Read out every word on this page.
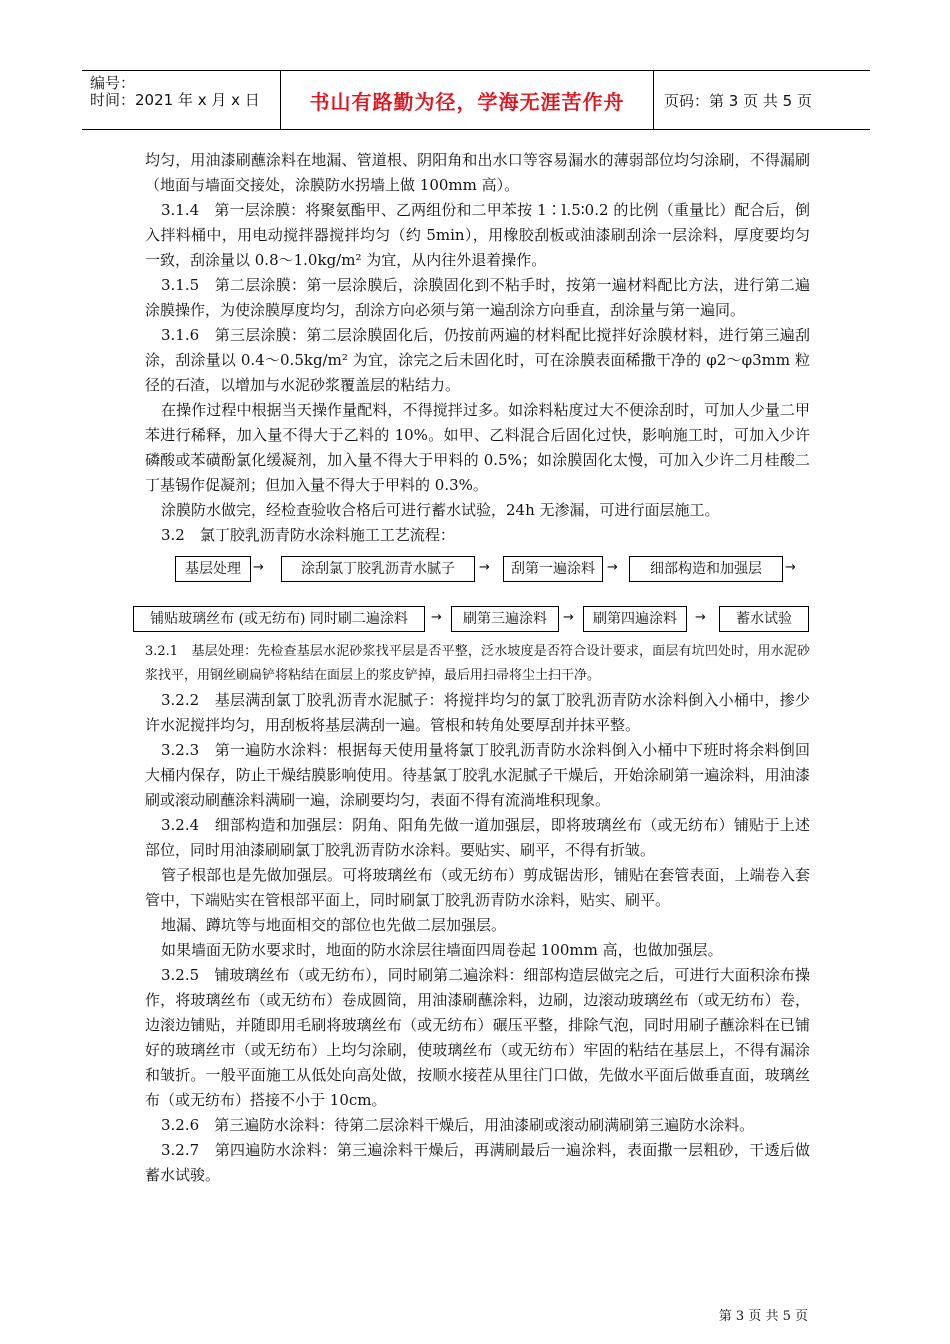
编号：
时间：2021 年 x 月 x 日 书山有路勤为径，学海无涯苦作舟	页码：第 3 页 共 5 页

均匀，用油漆刷蘸涂料在地漏、管道根、阴阳角和出水口等容易漏水的薄弱部位均匀涂刷，不得漏刷（地面与墙面交接处，涂膜防水拐墙上做 100mm 高）。

3.1.4　第一层涂膜：将聚氨酯甲、乙两组份和二甲苯按 1∶l.5∶0.2 的比例（重量比）配合后，倒入拌料桶中，用电动搅拌器搅拌均匀（约 5min），用橡胶刮板或油漆刷刮涂一层涂料，厚度要均匀一致，刮涂量以 0.8～1.0kg/m² 为宜，从内往外退着操作。

3.1.5　第二层涂膜：第一层涂膜后，涂膜固化到不粘手时，按第一遍材料配比方法，进行第二遍涂膜操作，为使涂膜厚度均匀，刮涂方向必须与第一遍刮涂方向垂直，刮涂量与第一遍同。

3.1.6　第三层涂膜：第二层涂膜固化后，仍按前两遍的材料配比搅拌好涂膜材料，进行第三遍刮涂，刮涂量以 0.4～0.5kg/m² 为宜，涂完之后未固化时，可在涂膜表面稀撒干净的 φ2～φ3mm 粒径的石渣，以增加与水泥砂浆覆盖层的粘结力。

在操作过程中根据当天操作量配料，不得搅拌过多。如涂料粘度过大不便涂刮时，可加人少量二甲苯进行稀释，加入量不得大于乙料的 10%。如甲、乙料混合后固化过快，影响施工时，可加入少许磷酸或苯磺酚氯化缓凝剂，加入量不得大于甲料的 0.5%；如涂膜固化太慢，可加入少许二月桂酸二丁基锡作促凝剂；但加入量不得大于甲料的 0.3%。

涂膜防水做完，经检查验收合格后可进行蓄水试验，24h 无渗漏，可进行面层施工。

3.2　氯丁胶乳沥青防水涂料施工工艺流程：

基层处理 →	涂刮氯丁胶乳沥青水腻子	→	刮第一遍涂料 →	细部构造和加强层	→
铺贴玻璃丝布 (或无纺布) 同时刷二遍涂料	→	刷第三遍涂料	→	刷第四遍涂料	→	蓄水试验

3.2.1　基层处理：先检查基层水泥砂浆找平层是否平整，泛水坡度是否符合设计要求，面层有坑凹处时，用水泥砂浆找平，用钢丝刷扁铲将粘结在面层上的浆皮铲掉，最后用扫帚将尘土扫干净。

3.2.2　基层满刮氯丁胶乳沥青水泥腻子：将搅拌均匀的氯丁胶乳沥青防水涂料倒入小桶中，掺少许水泥搅拌均匀，用刮板将基层满刮一遍。管根和转角处要厚刮并抹平整。

3.2.3　第一遍防水涂料：根据每天使用量将氯丁胶乳沥青防水涂料倒入小桶中下班时将余料倒回大桶内保存，防止干燥结膜影响使用。待基氯丁胶乳水泥腻子干燥后，开始涂刷第一遍涂料，用油漆刷或滚动刷蘸涂料满刷一遍，涂刷要均匀，表面不得有流淌堆积现象。

3.2.4　细部构造和加强层：阴角、阳角先做一道加强层，即将玻璃丝布（或无纺布）铺贴于上述部位，同时用油漆刷刷氯丁胶乳沥青防水涂料。要贴实、刷平，不得有折皱。

管子根部也是先做加强层。可将玻璃丝布（或无纺布）剪成锯齿形，铺贴在套管表面，上端卷入套管中，下端贴实在管根部平面上，同时刷氯丁胶乳沥青防水涂料，贴实、刷平。

地漏、蹲坑等与地面相交的部位也先做二层加强层。

如果墙面无防水要求时，地面的防水涂层往墙面四周卷起 100mm 高，也做加强层。

3.2.5　铺玻璃丝布（或无纺布），同时刷第二遍涂料：细部构造层做完之后，可进行大面积涂布操作，将玻璃丝布（或无纺布）卷成圆筒，用油漆刷蘸涂料，边刷，边滚动玻璃丝布（或无纺布）卷，边滚边铺贴，并随即用毛刷将玻璃丝布（或无纺布）碾压平整，排除气泡，同时用刷子蘸涂料在已铺好的玻璃丝市（或无纺布）上均匀涂刷，使玻璃丝布（或无纺布）牢固的粘结在基层上，不得有漏涂和皱折。一般平面施工从低处向高处做，按顺水接茬从里往门口做，先做水平面后做垂直面，玻璃丝布（或无纺布）搭接不小于 10cm。

3.2.6　第三遍防水涂料：待第二层涂料干燥后，用油漆刷或滚动刷满刷第三遍防水涂料。

3.2.7　第四遍防水涂料：第三遍涂料干燥后，再满刷最后一遍涂料，表面撒一层粗砂，干透后做蓄水试骏。

第 3 页 共 5 页
